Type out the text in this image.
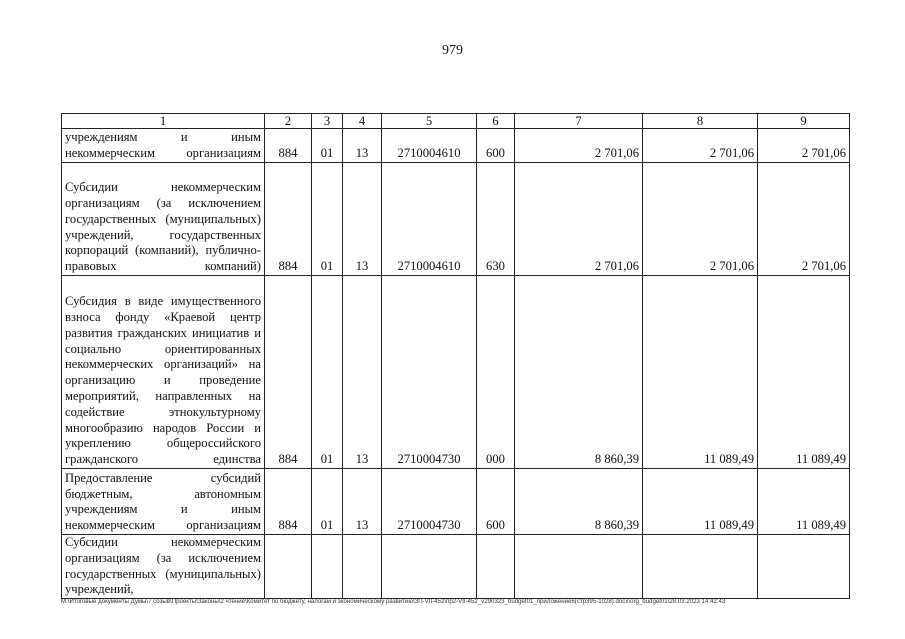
979
1	2	3	4	5	6	7	8	9
учреждениям и иным некоммерческим организациям	884	01	13	2710004610	600	2 701,06	2 701,06	2 701,06
Субсидии некоммерческим организациям (за исключением государственных (муниципальных) учреждений, государственных корпораций (компаний), публично-правовых компаний)	884	01	13	2710004610	630	2 701,06	2 701,06	2 701,06
Субсидия в виде имущественного взноса фонду «Краевой центр развития гражданских инициатив и социально ориентированных некоммерческих организаций» на организацию и проведение мероприятий, направленных на содействие этнокультурному многообразию народов России и укреплению общероссийского гражданского единства	884	01	13	2710004730	000	8 860,39	11 089,49	11 089,49
Предоставление субсидий бюджетным, автономным учреждениям и иным некоммерческим организациям	884	01	13	2710004730	600	8 860,39	11 089,49	11 089,49
Субсидии некоммерческим организациям (за исключением государственных (муниципальных) учреждений,								
М:\Итоговые документы Думы\7 созыв\Проекты\Законы\2 чтение\Комитет по бюджету, налогам и экономическому развитию\ЗП-VII-452\пр2-VII-452_v290323_budget01_приложение6(стр395-1028).docx\org_budget01\28.03.2023 14:42:43
